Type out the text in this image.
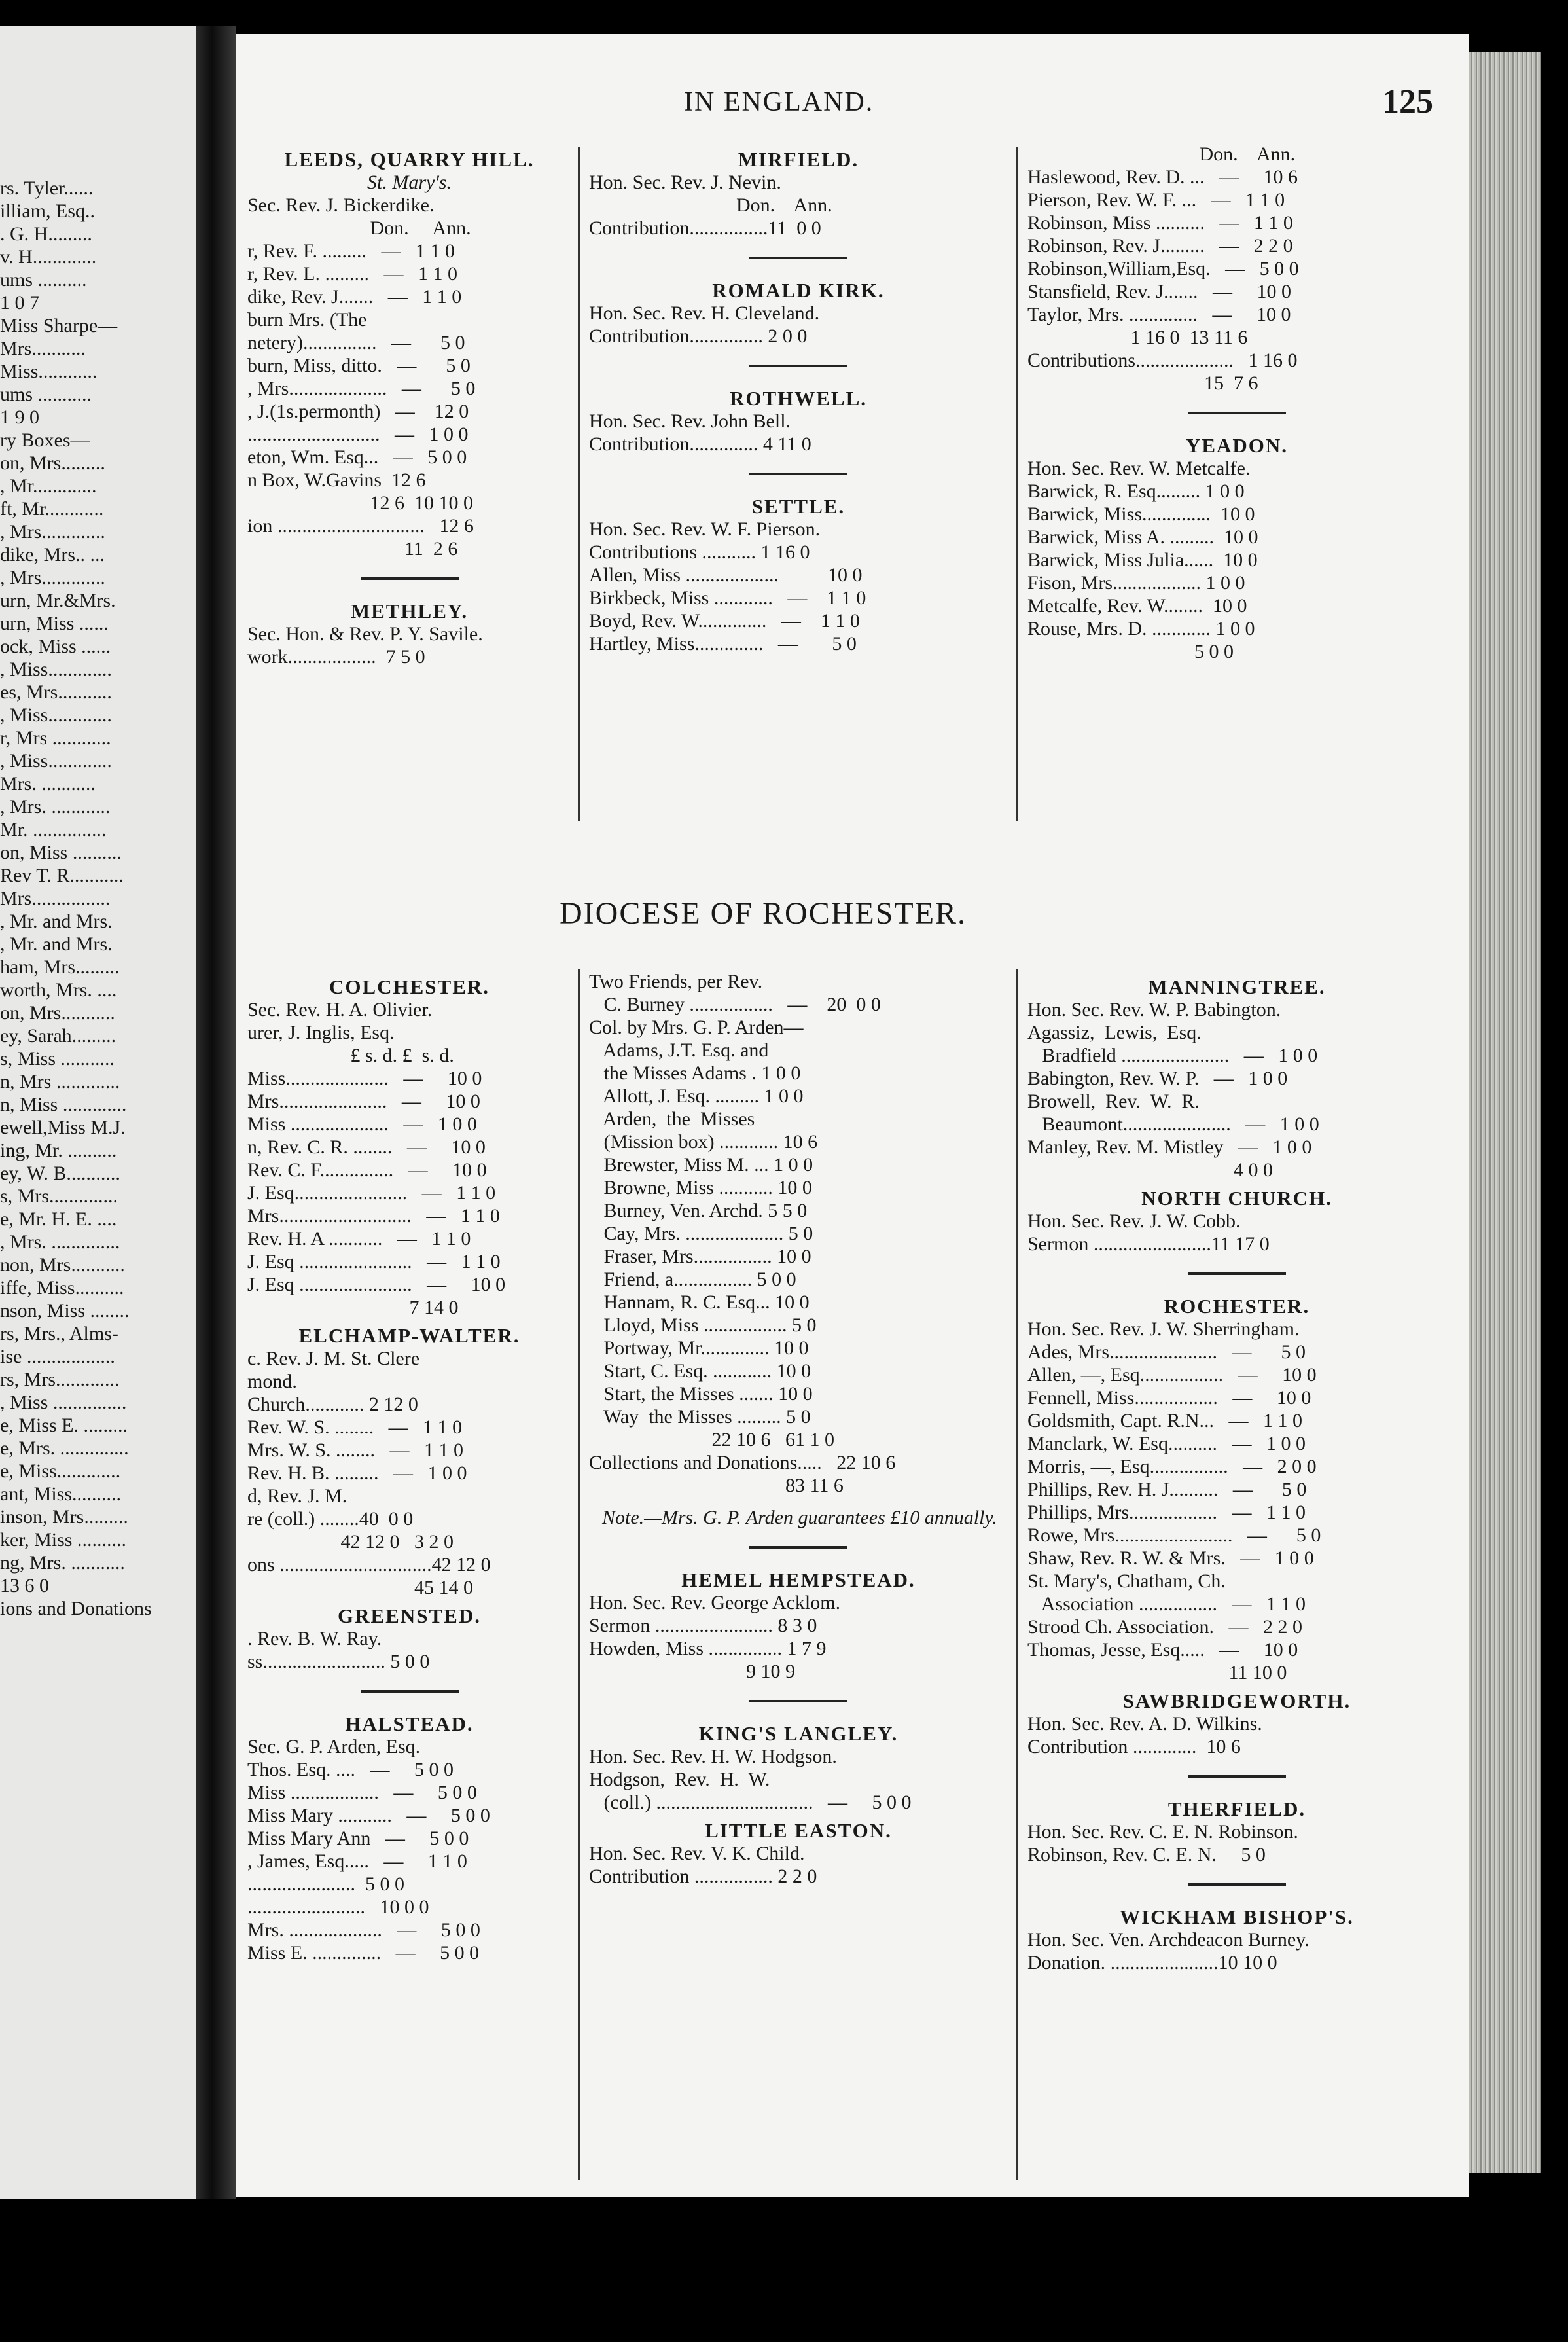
rs. Tyler......
illiam, Esq..
. G. H.........
v. H.............
ums ..........
1 0 7
Miss Sharpe—
Mrs...........
Miss............
ums ...........
1 9 0
ry Boxes—
on, Mrs.........
, Mr.............
ft, Mr............
, Mrs.............
dike, Mrs.. ...
, Mrs.............
urn, Mr.&Mrs.
urn, Miss ......
ock, Miss ......
, Miss.............
es, Mrs...........
, Miss.............
r, Mrs ............
, Miss.............
Mrs. ...........
, Mrs. ............
Mr. ...............
on, Miss ..........
Rev T. R...........
Mrs................
, Mr. and Mrs.
, Mr. and Mrs.
ham, Mrs.........
worth, Mrs. ....
on, Mrs...........
ey, Sarah.........
s, Miss ...........
n, Mrs .............
n, Miss .............
ewell,Miss M.J.
ing, Mr. ..........
ey, W. B...........
s, Mrs..............
e, Mr. H. E. ....
, Mrs. ..............
non, Mrs...........
iffe, Miss..........
nson, Miss ........
rs, Mrs., Alms-
ise ..................
rs, Mrs.............
, Miss ...............
e, Miss E. .........
e, Mrs. ..............
e, Miss.............
ant, Miss..........
inson, Mrs.........
ker, Miss ..........
ng, Mrs. ...........
13 6 0
ions and Donations
IN ENGLAND.	125
DIOCESE OF ROCHESTER.
LEEDS, QUARRY HILL.
St. Mary's.
Sec. Rev. J. Bickerdike.
Don.     Ann.
r, Rev. F. .........   —   1 1 0
r, Rev. L. .........   —   1 1 0
dike, Rev. J.......   —   1 1 0
burn Mrs. (The
netery)...............   —      5 0
burn, Miss, ditto.   —      5 0
, Mrs....................   —      5 0
, J.(1s.permonth)   —    12 0
...........................   —   1 0 0
eton, Wm. Esq...   —   5 0 0
n Box, W.Gavins  12 6
12 6  10 10 0
ion ..............................   12 6
11  2 6
METHLEY.
Sec. Hon. & Rev. P. Y. Savile.
work..................  7 5 0
MIRFIELD.
Hon. Sec. Rev. J. Nevin.
Don.    Ann.
Contribution................11  0 0
ROMALD KIRK.
Hon. Sec. Rev. H. Cleveland.
Contribution............... 2 0 0
ROTHWELL.
Hon. Sec. Rev. John Bell.
Contribution.............. 4 11 0
SETTLE.
Hon. Sec. Rev. W. F. Pierson.
Contributions ........... 1 16 0
Allen, Miss ...................          10 0
Birkbeck, Miss ............   —    1 1 0
Boyd, Rev. W..............   —    1 1 0
Hartley, Miss..............   —       5 0
Don.    Ann.
Haslewood, Rev. D. ...   —     10 6
Pierson, Rev. W. F. ...   —   1 1 0
Robinson, Miss ..........   —   1 1 0
Robinson, Rev. J.........   —   2 2 0
Robinson,William,Esq.   —   5 0 0
Stansfield, Rev. J.......   —     10 0
Taylor, Mrs. ..............   —     10 0
1 16 0  13 11 6
Contributions....................   1 16 0
15  7 6
YEADON.
Hon. Sec. Rev. W. Metcalfe.
Barwick, R. Esq......... 1 0 0
Barwick, Miss..............  10 0
Barwick, Miss A. .........  10 0
Barwick, Miss Julia......  10 0
Fison, Mrs.................. 1 0 0
Metcalfe, Rev. W........  10 0
Rouse, Mrs. D. ............ 1 0 0
5 0 0
COLCHESTER.
Sec. Rev. H. A. Olivier.
urer, J. Inglis, Esq.
£ s. d. £  s. d.
Miss.....................   —     10 0
Mrs......................   —     10 0
Miss ....................   —   1 0 0
n, Rev. C. R. ........   —     10 0
Rev. C. F...............   —     10 0
J. Esq.......................   —   1 1 0
Mrs...........................   —   1 1 0
Rev. H. A ...........   —   1 1 0
J. Esq .......................   —   1 1 0
J. Esq .......................   —     10 0
7 14 0
ELCHAMP-WALTER.
c. Rev. J. M. St. Clere
mond.
Church............ 2 12 0
Rev. W. S. ........   —   1 1 0
Mrs. W. S. ........   —   1 1 0
Rev. H. B. .........   —   1 0 0
d, Rev. J. M.
re (coll.) ........40  0 0
42 12 0   3 2 0
ons ...............................42 12 0
45 14 0
GREENSTED.
. Rev. B. W. Ray.
ss......................... 5 0 0
HALSTEAD.
Sec. G. P. Arden, Esq.
Thos. Esq. ....   —     5 0 0
Miss ..................   —     5 0 0
Miss Mary ...........   —     5 0 0
Miss Mary Ann   —     5 0 0
, James, Esq.....   —     1 1 0
......................  5 0 0
........................   10 0 0
Mrs. ...................   —     5 0 0
Miss E. ..............   —     5 0 0
Two Friends, per Rev.
C. Burney .................   —    20  0 0
Col. by Mrs. G. P. Arden—
Adams, J.T. Esq. and
the Misses Adams . 1 0 0
Allott, J. Esq. ......... 1 0 0
Arden,  the  Misses
(Mission box) ............ 10 6
Brewster, Miss M. ... 1 0 0
Browne, Miss ........... 10 0
Burney, Ven. Archd. 5 5 0
Cay, Mrs. .................... 5 0
Fraser, Mrs................ 10 0
Friend, a................ 5 0 0
Hannam, R. C. Esq... 10 0
Lloyd, Miss ................. 5 0
Portway, Mr.............. 10 0
Start, C. Esq. ............ 10 0
Start, the Misses ....... 10 0
Way  the Misses ......... 5 0
22 10 6   61 1 0
Collections and Donations.....   22 10 6
83 11 6
Note.—Mrs. G. P. Arden guarantees £10 annually.
HEMEL HEMPSTEAD.
Hon. Sec. Rev. George Acklom.
Sermon ........................ 8 3 0
Howden, Miss ............... 1 7 9
9 10 9
KING'S LANGLEY.
Hon. Sec. Rev. H. W. Hodgson.
Hodgson,  Rev.  H.  W.
(coll.) ................................   —     5 0 0
LITTLE EASTON.
Hon. Sec. Rev. V. K. Child.
Contribution ................ 2 2 0
MANNINGTREE.
Hon. Sec. Rev. W. P. Babington.
Agassiz,  Lewis,  Esq.
Bradfield ......................   —   1 0 0
Babington, Rev. W. P.   —   1 0 0
Browell,  Rev.  W.  R.
Beaumont......................   —   1 0 0
Manley, Rev. M. Mistley   —   1 0 0
4 0 0
NORTH CHURCH.
Hon. Sec. Rev. J. W. Cobb.
Sermon ........................11 17 0
ROCHESTER.
Hon. Sec. Rev. J. W. Sherringham.
Ades, Mrs......................   —      5 0
Allen, —, Esq.................   —     10 0
Fennell, Miss.................   —     10 0
Goldsmith, Capt. R.N...   —   1 1 0
Manclark, W. Esq..........   —   1 0 0
Morris, —, Esq................   —   2 0 0
Phillips, Rev. H. J..........   —      5 0
Phillips, Mrs..................   —   1 1 0
Rowe, Mrs........................   —      5 0
Shaw, Rev. R. W. & Mrs.   —   1 0 0
St. Mary's, Chatham, Ch.
Association ................   —   1 1 0
Strood Ch. Association.   —   2 2 0
Thomas, Jesse, Esq.....   —     10 0
11 10 0
SAWBRIDGEWORTH.
Hon. Sec. Rev. A. D. Wilkins.
Contribution .............  10 6
THERFIELD.
Hon. Sec. Rev. C. E. N. Robinson.
Robinson, Rev. C. E. N.     5 0
WICKHAM BISHOP'S.
Hon. Sec. Ven. Archdeacon Burney.
Donation. ......................10 10 0
